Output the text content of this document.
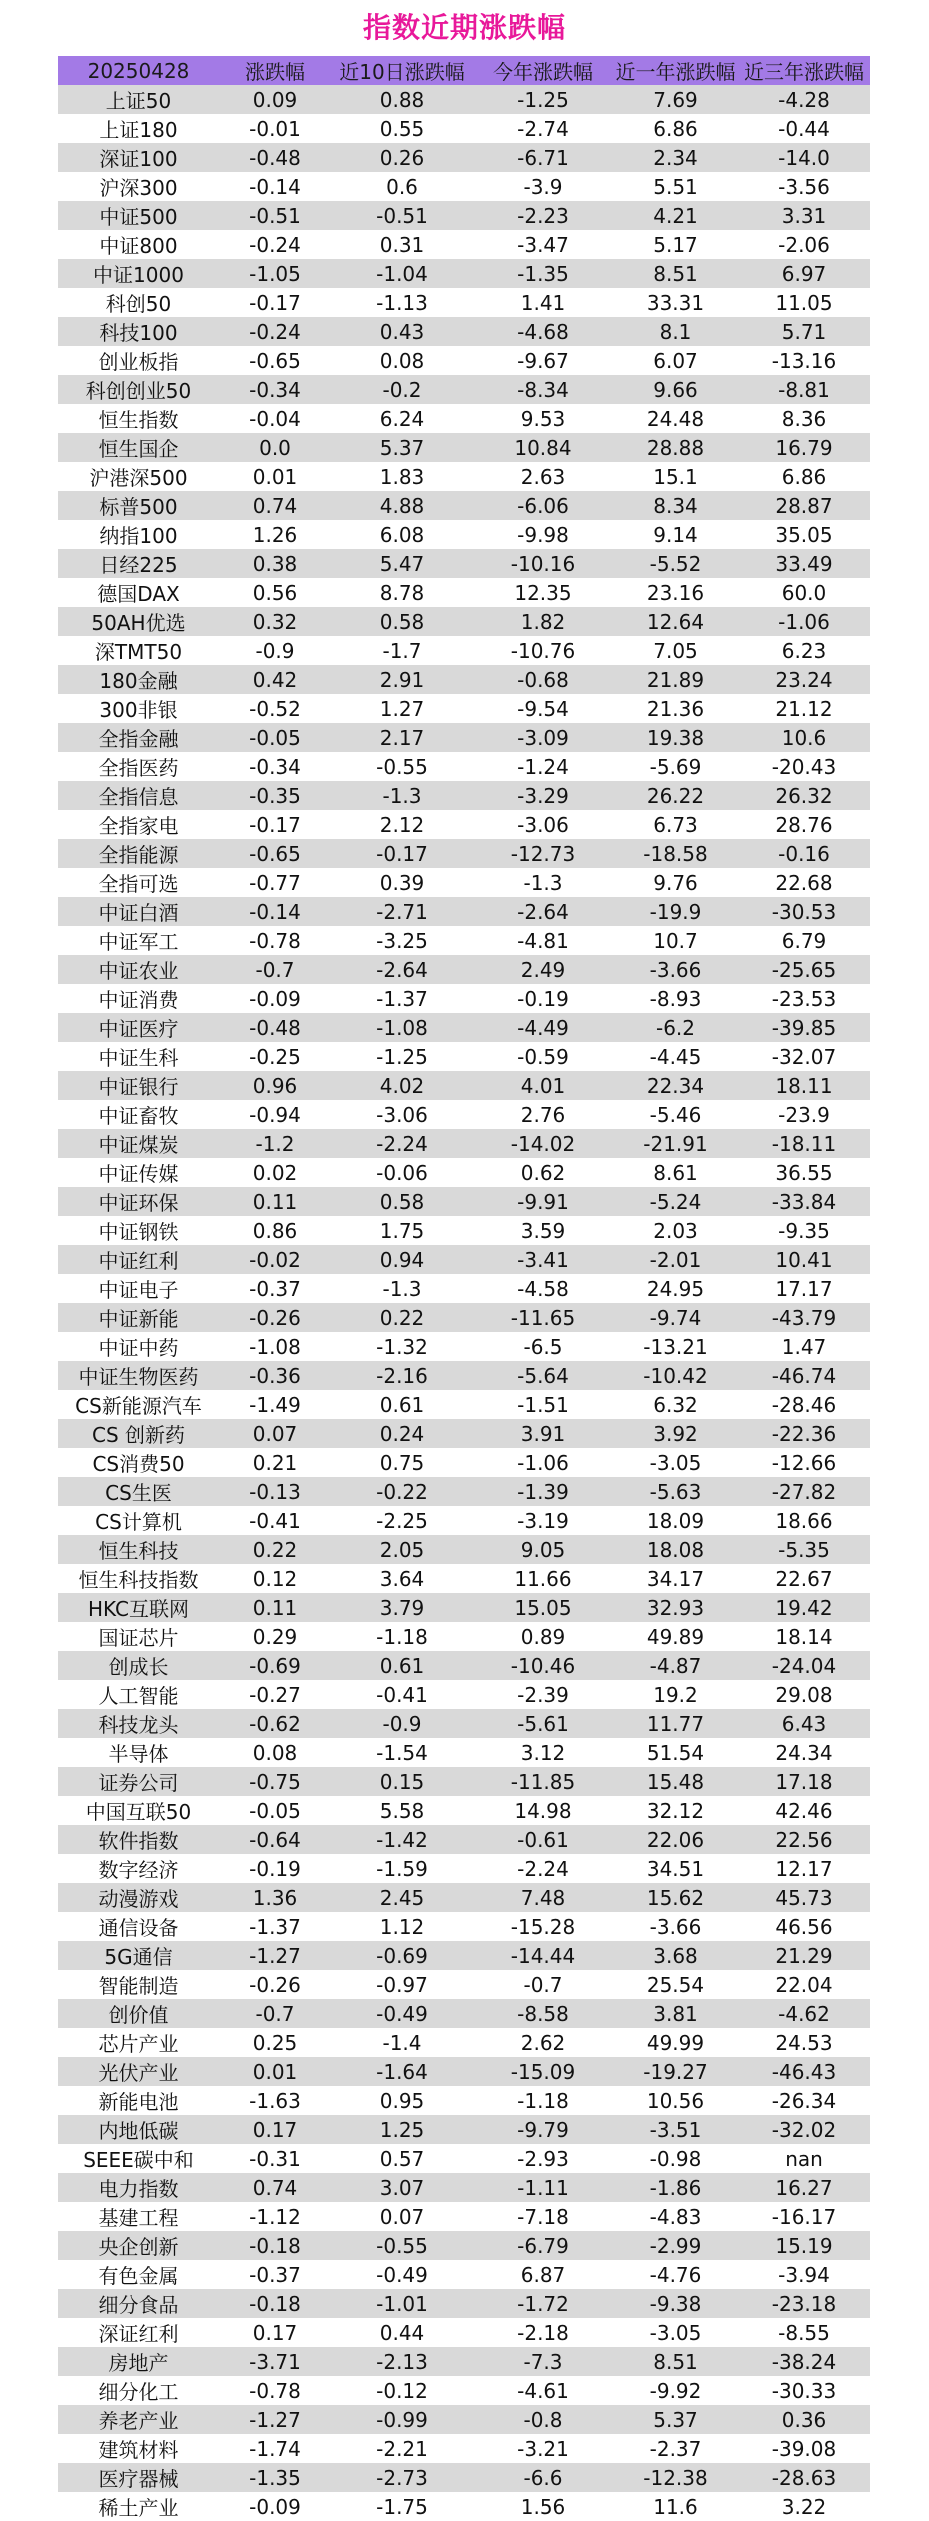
指数近期涨跌幅
20250428	涨跌幅	近10日涨跌幅	今年涨跌幅	近一年涨跌幅	近三年涨跌幅
上证50	0.09	0.88	-1.25	7.69	-4.28
上证180	-0.01	0.55	-2.74	6.86	-0.44
深证100	-0.48	0.26	-6.71	2.34	-14.0
沪深300	-0.14	0.6	-3.9	5.51	-3.56
中证500	-0.51	-0.51	-2.23	4.21	3.31
中证800	-0.24	0.31	-3.47	5.17	-2.06
中证1000	-1.05	-1.04	-1.35	8.51	6.97
科创50	-0.17	-1.13	1.41	33.31	11.05
科技100	-0.24	0.43	-4.68	8.1	5.71
创业板指	-0.65	0.08	-9.67	6.07	-13.16
科创创业50	-0.34	-0.2	-8.34	9.66	-8.81
恒生指数	-0.04	6.24	9.53	24.48	8.36
恒生国企	0.0	5.37	10.84	28.88	16.79
沪港深500	0.01	1.83	2.63	15.1	6.86
标普500	0.74	4.88	-6.06	8.34	28.87
纳指100	1.26	6.08	-9.98	9.14	35.05
日经225	0.38	5.47	-10.16	-5.52	33.49
德国DAX	0.56	8.78	12.35	23.16	60.0
50AH优选	0.32	0.58	1.82	12.64	-1.06
深TMT50	-0.9	-1.7	-10.76	7.05	6.23
180金融	0.42	2.91	-0.68	21.89	23.24
300非银	-0.52	1.27	-9.54	21.36	21.12
全指金融	-0.05	2.17	-3.09	19.38	10.6
全指医药	-0.34	-0.55	-1.24	-5.69	-20.43
全指信息	-0.35	-1.3	-3.29	26.22	26.32
全指家电	-0.17	2.12	-3.06	6.73	28.76
全指能源	-0.65	-0.17	-12.73	-18.58	-0.16
全指可选	-0.77	0.39	-1.3	9.76	22.68
中证白酒	-0.14	-2.71	-2.64	-19.9	-30.53
中证军工	-0.78	-3.25	-4.81	10.7	6.79
中证农业	-0.7	-2.64	2.49	-3.66	-25.65
中证消费	-0.09	-1.37	-0.19	-8.93	-23.53
中证医疗	-0.48	-1.08	-4.49	-6.2	-39.85
中证生科	-0.25	-1.25	-0.59	-4.45	-32.07
中证银行	0.96	4.02	4.01	22.34	18.11
中证畜牧	-0.94	-3.06	2.76	-5.46	-23.9
中证煤炭	-1.2	-2.24	-14.02	-21.91	-18.11
中证传媒	0.02	-0.06	0.62	8.61	36.55
中证环保	0.11	0.58	-9.91	-5.24	-33.84
中证钢铁	0.86	1.75	3.59	2.03	-9.35
中证红利	-0.02	0.94	-3.41	-2.01	10.41
中证电子	-0.37	-1.3	-4.58	24.95	17.17
中证新能	-0.26	0.22	-11.65	-9.74	-43.79
中证中药	-1.08	-1.32	-6.5	-13.21	1.47
中证生物医药	-0.36	-2.16	-5.64	-10.42	-46.74
CS新能源汽车	-1.49	0.61	-1.51	6.32	-28.46
CS 创新药	0.07	0.24	3.91	3.92	-22.36
CS消费50	0.21	0.75	-1.06	-3.05	-12.66
CS生医	-0.13	-0.22	-1.39	-5.63	-27.82
CS计算机	-0.41	-2.25	-3.19	18.09	18.66
恒生科技	0.22	2.05	9.05	18.08	-5.35
恒生科技指数	0.12	3.64	11.66	34.17	22.67
HKC互联网	0.11	3.79	15.05	32.93	19.42
国证芯片	0.29	-1.18	0.89	49.89	18.14
创成长	-0.69	0.61	-10.46	-4.87	-24.04
人工智能	-0.27	-0.41	-2.39	19.2	29.08
科技龙头	-0.62	-0.9	-5.61	11.77	6.43
半导体	0.08	-1.54	3.12	51.54	24.34
证券公司	-0.75	0.15	-11.85	15.48	17.18
中国互联50	-0.05	5.58	14.98	32.12	42.46
软件指数	-0.64	-1.42	-0.61	22.06	22.56
数字经济	-0.19	-1.59	-2.24	34.51	12.17
动漫游戏	1.36	2.45	7.48	15.62	45.73
通信设备	-1.37	1.12	-15.28	-3.66	46.56
5G通信	-1.27	-0.69	-14.44	3.68	21.29
智能制造	-0.26	-0.97	-0.7	25.54	22.04
创价值	-0.7	-0.49	-8.58	3.81	-4.62
芯片产业	0.25	-1.4	2.62	49.99	24.53
光伏产业	0.01	-1.64	-15.09	-19.27	-46.43
新能电池	-1.63	0.95	-1.18	10.56	-26.34
内地低碳	0.17	1.25	-9.79	-3.51	-32.02
SEEE碳中和	-0.31	0.57	-2.93	-0.98	nan
电力指数	0.74	3.07	-1.11	-1.86	16.27
基建工程	-1.12	0.07	-7.18	-4.83	-16.17
央企创新	-0.18	-0.55	-6.79	-2.99	15.19
有色金属	-0.37	-0.49	6.87	-4.76	-3.94
细分食品	-0.18	-1.01	-1.72	-9.38	-23.18
深证红利	0.17	0.44	-2.18	-3.05	-8.55
房地产	-3.71	-2.13	-7.3	8.51	-38.24
细分化工	-0.78	-0.12	-4.61	-9.92	-30.33
养老产业	-1.27	-0.99	-0.8	5.37	0.36
建筑材料	-1.74	-2.21	-3.21	-2.37	-39.08
医疗器械	-1.35	-2.73	-6.6	-12.38	-28.63
稀土产业	-0.09	-1.75	1.56	11.6	3.22
